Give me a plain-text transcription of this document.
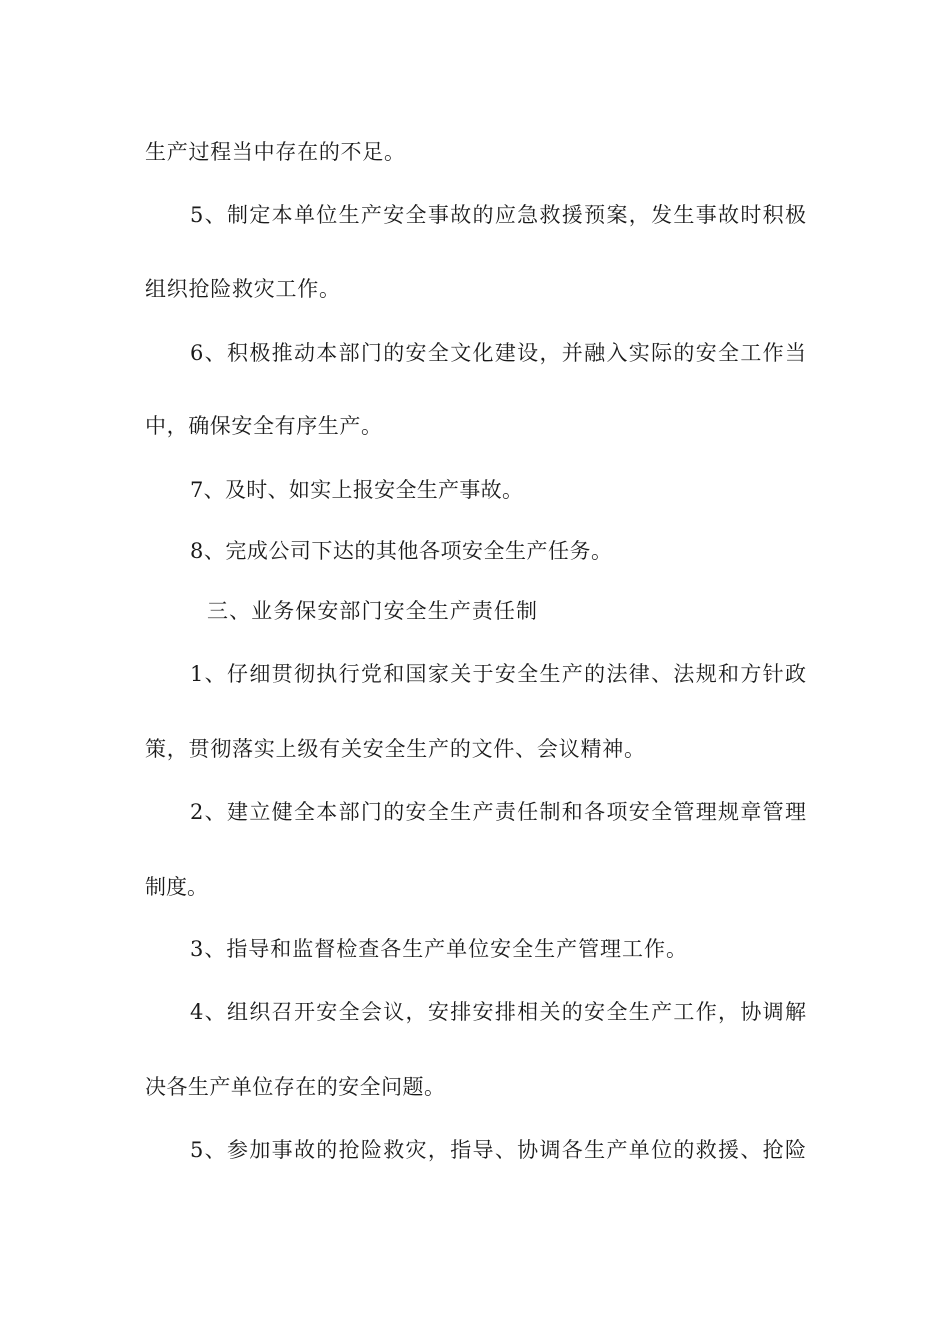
生产过程当中存在的不足。
5、制定本单位生产安全事故的应急救援预案，发生事故时积极
组织抢险救灾工作。
6、积极推动本部门的安全文化建设，并融入实际的安全工作当
中，确保安全有序生产。
7、及时、如实上报安全生产事故。
8、完成公司下达的其他各项安全生产任务。
三、业务保安部门安全生产责任制
1、仔细贯彻执行党和国家关于安全生产的法律、法规和方针政
策，贯彻落实上级有关安全生产的文件、会议精神。
2、建立健全本部门的安全生产责任制和各项安全管理规章管理
制度。
3、指导和监督检查各生产单位安全生产管理工作。
4、组织召开安全会议，安排安排相关的安全生产工作，协调解
决各生产单位存在的安全问题。
5、参加事故的抢险救灾，指导、协调各生产单位的救援、抢险
